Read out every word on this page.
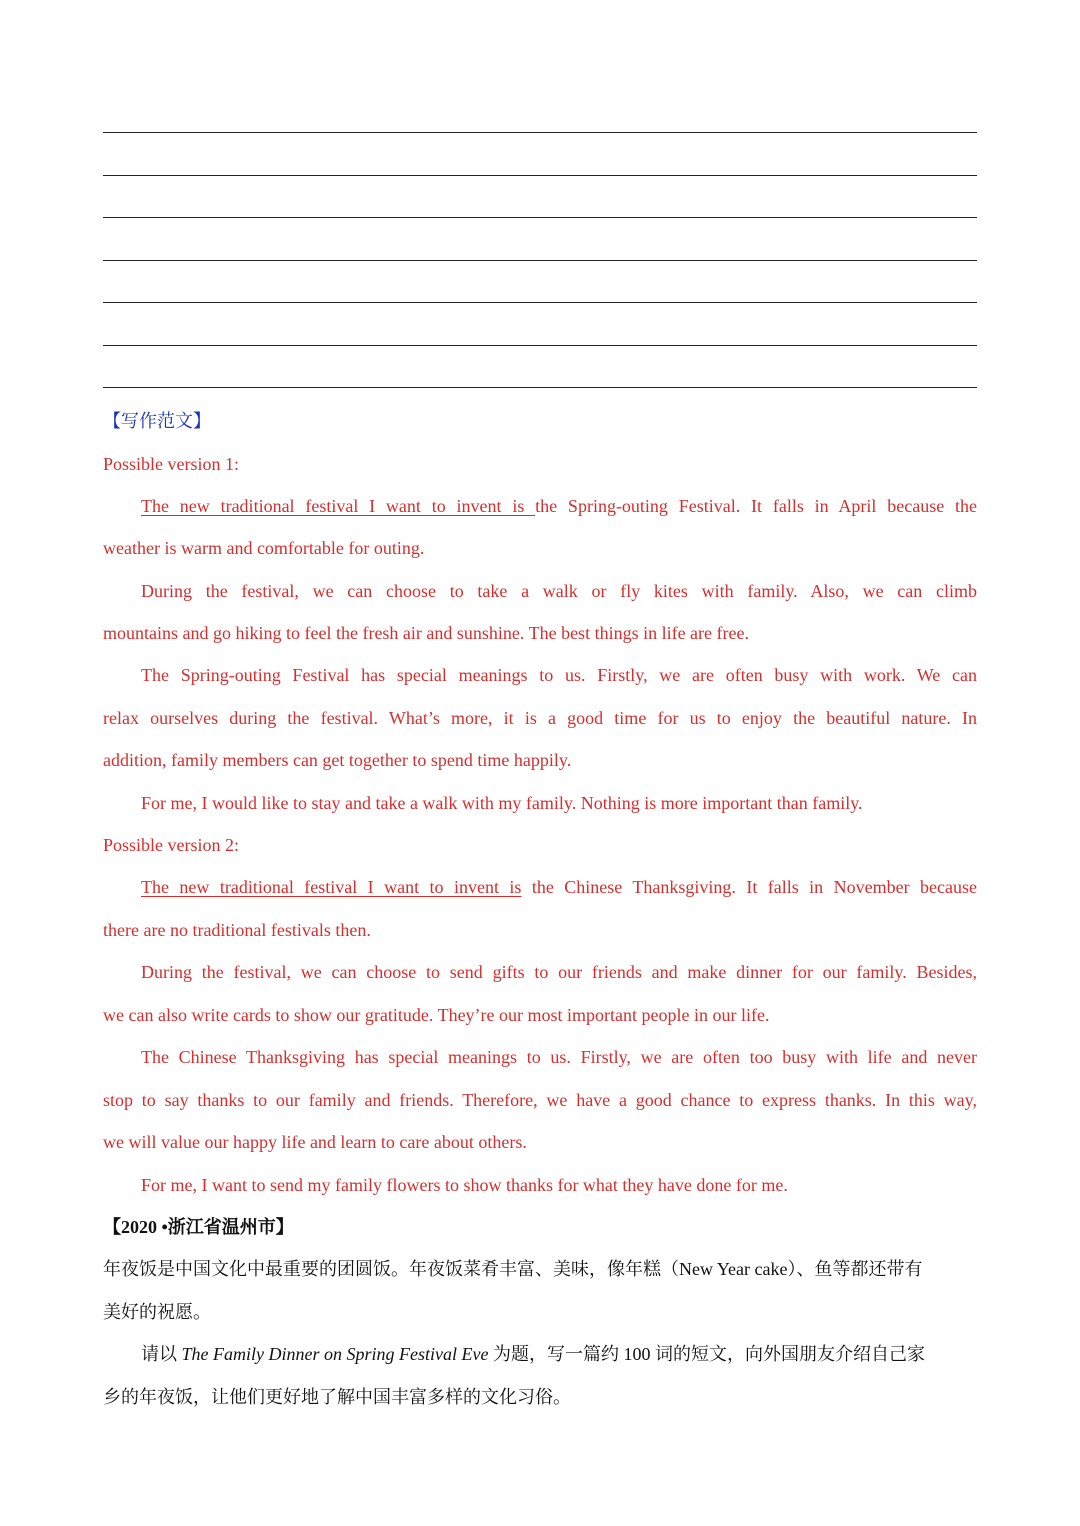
【写作范文】
Possible version 1:
The new traditional festival I want to invent is the Spring-outing Festival. It falls in April because the
weather is warm and comfortable for outing.
During the festival, we can choose to take a walk or fly kites with family. Also, we can climb
mountains and go hiking to feel the fresh air and sunshine. The best things in life are free.
The Spring-outing Festival has special meanings to us. Firstly, we are often busy with work. We can
relax ourselves during the festival. What’s more, it is a good time for us to enjoy the beautiful nature. In
addition, family members can get together to spend time happily.
For me, I would like to stay and take a walk with my family. Nothing is more important than family.
Possible version 2:
The new traditional festival I want to invent is the Chinese Thanksgiving. It falls in November because
there are no traditional festivals then.
During the festival, we can choose to send gifts to our friends and make dinner for our family. Besides,
we can also write cards to show our gratitude. They’re our most important people in our life.
The Chinese Thanksgiving has special meanings to us. Firstly, we are often too busy with life and never
stop to say thanks to our family and friends. Therefore, we have a good chance to express thanks. In this way,
we will value our happy life and learn to care about others.
For me, I want to send my family flowers to show thanks for what they have done for me.
【2020 •浙江省温州市】
年夜饭是中国文化中最重要的团圆饭。年夜饭菜肴丰富、美味，像年糕（New Year cake）、鱼等都还带有
美好的祝愿。
请以 The Family Dinner on Spring Festival Eve 为题，写一篇约 100 词的短文，向外国朋友介绍自己家
乡的年夜饭，让他们更好地了解中国丰富多样的文化习俗。
